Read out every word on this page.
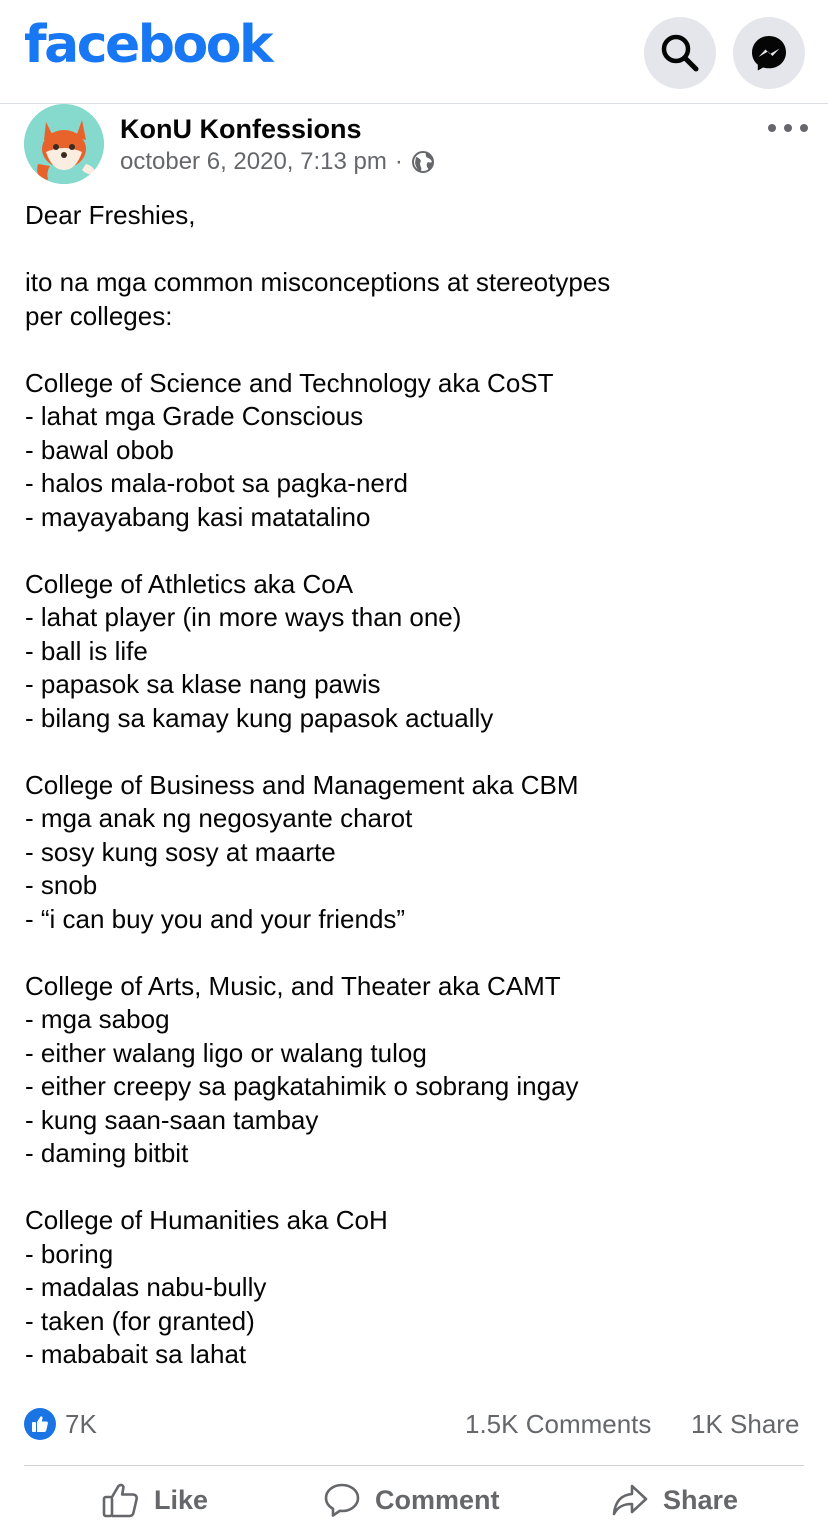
facebook
KonU Konfessions
october 6, 2020, 7:13 pm ·

Dear Freshies,

ito na mga common misconceptions at stereotypes
per colleges:

College of Science and Technology aka CoST
- lahat mga Grade Conscious
- bawal obob
- halos mala-robot sa pagka-nerd
- mayayabang kasi matatalino

College of Athletics aka CoA
- lahat player (in more ways than one)
- ball is life
- papasok sa klase nang pawis
- bilang sa kamay kung papasok actually

College of Business and Management aka CBM
- mga anak ng negosyante charot
- sosy kung sosy at maarte
- snob
- “i can buy you and your friends”

College of Arts, Music, and Theater aka CAMT
- mga sabog
- either walang ligo or walang tulog
- either creepy sa pagkatahimik o sobrang ingay
- kung saan-saan tambay
- daming bitbit

College of Humanities aka CoH
- boring
- madalas nabu-bully
- taken (for granted)
- mababait sa lahat

7K	1.5K Comments 1K Share
Like	Comment	Share
